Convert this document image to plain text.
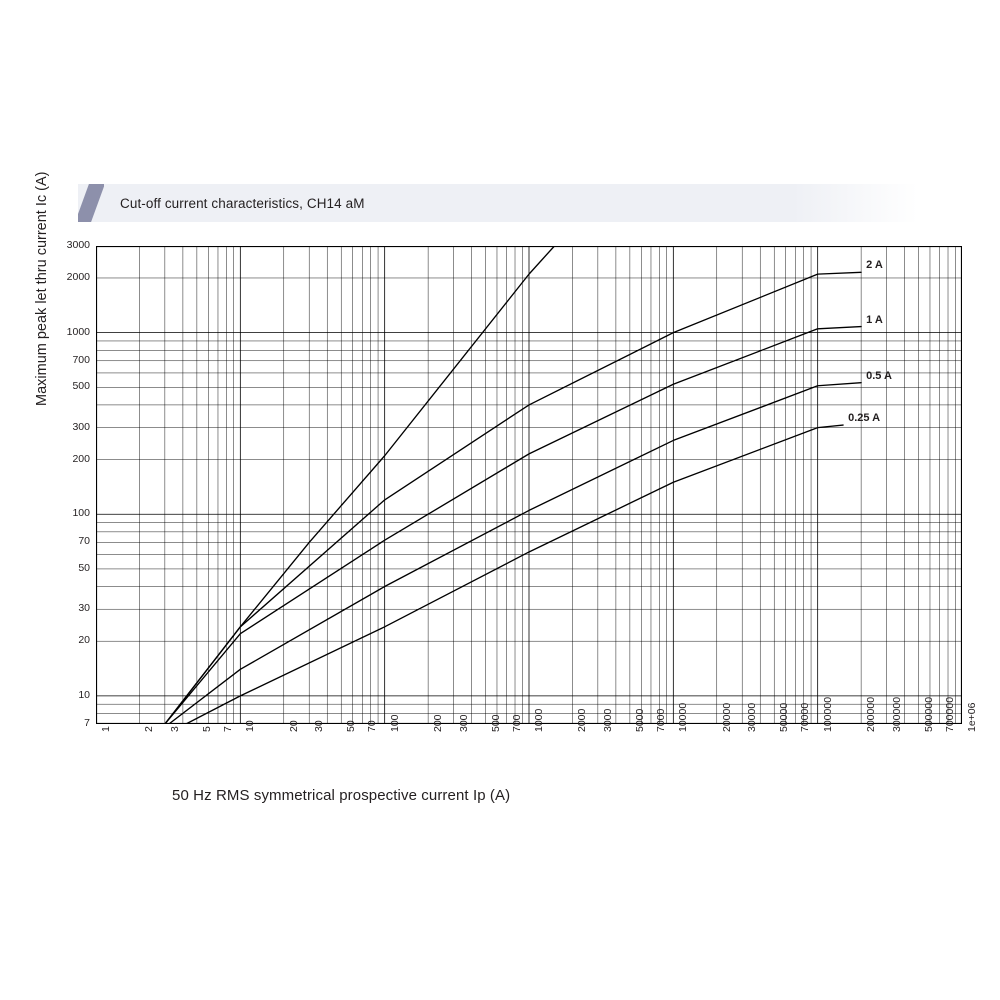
Cut-off current characteristics, CH14 aM
Maximum peak let thru current Ic (A)
7
10
20
30
50
70
100
200
300
500
700
1000
2000
3000
1	2 3 5 7 10	20 30 50 70 100	200 300 500 700 1000	2000 3000 5000 7000 10000	20000 30000 50000 70000 100000	200000 300000 500000 700000 1e+06
2 A
1 A
0.5 A
0.25 A
50 Hz RMS symmetrical prospective current Ip (A)
